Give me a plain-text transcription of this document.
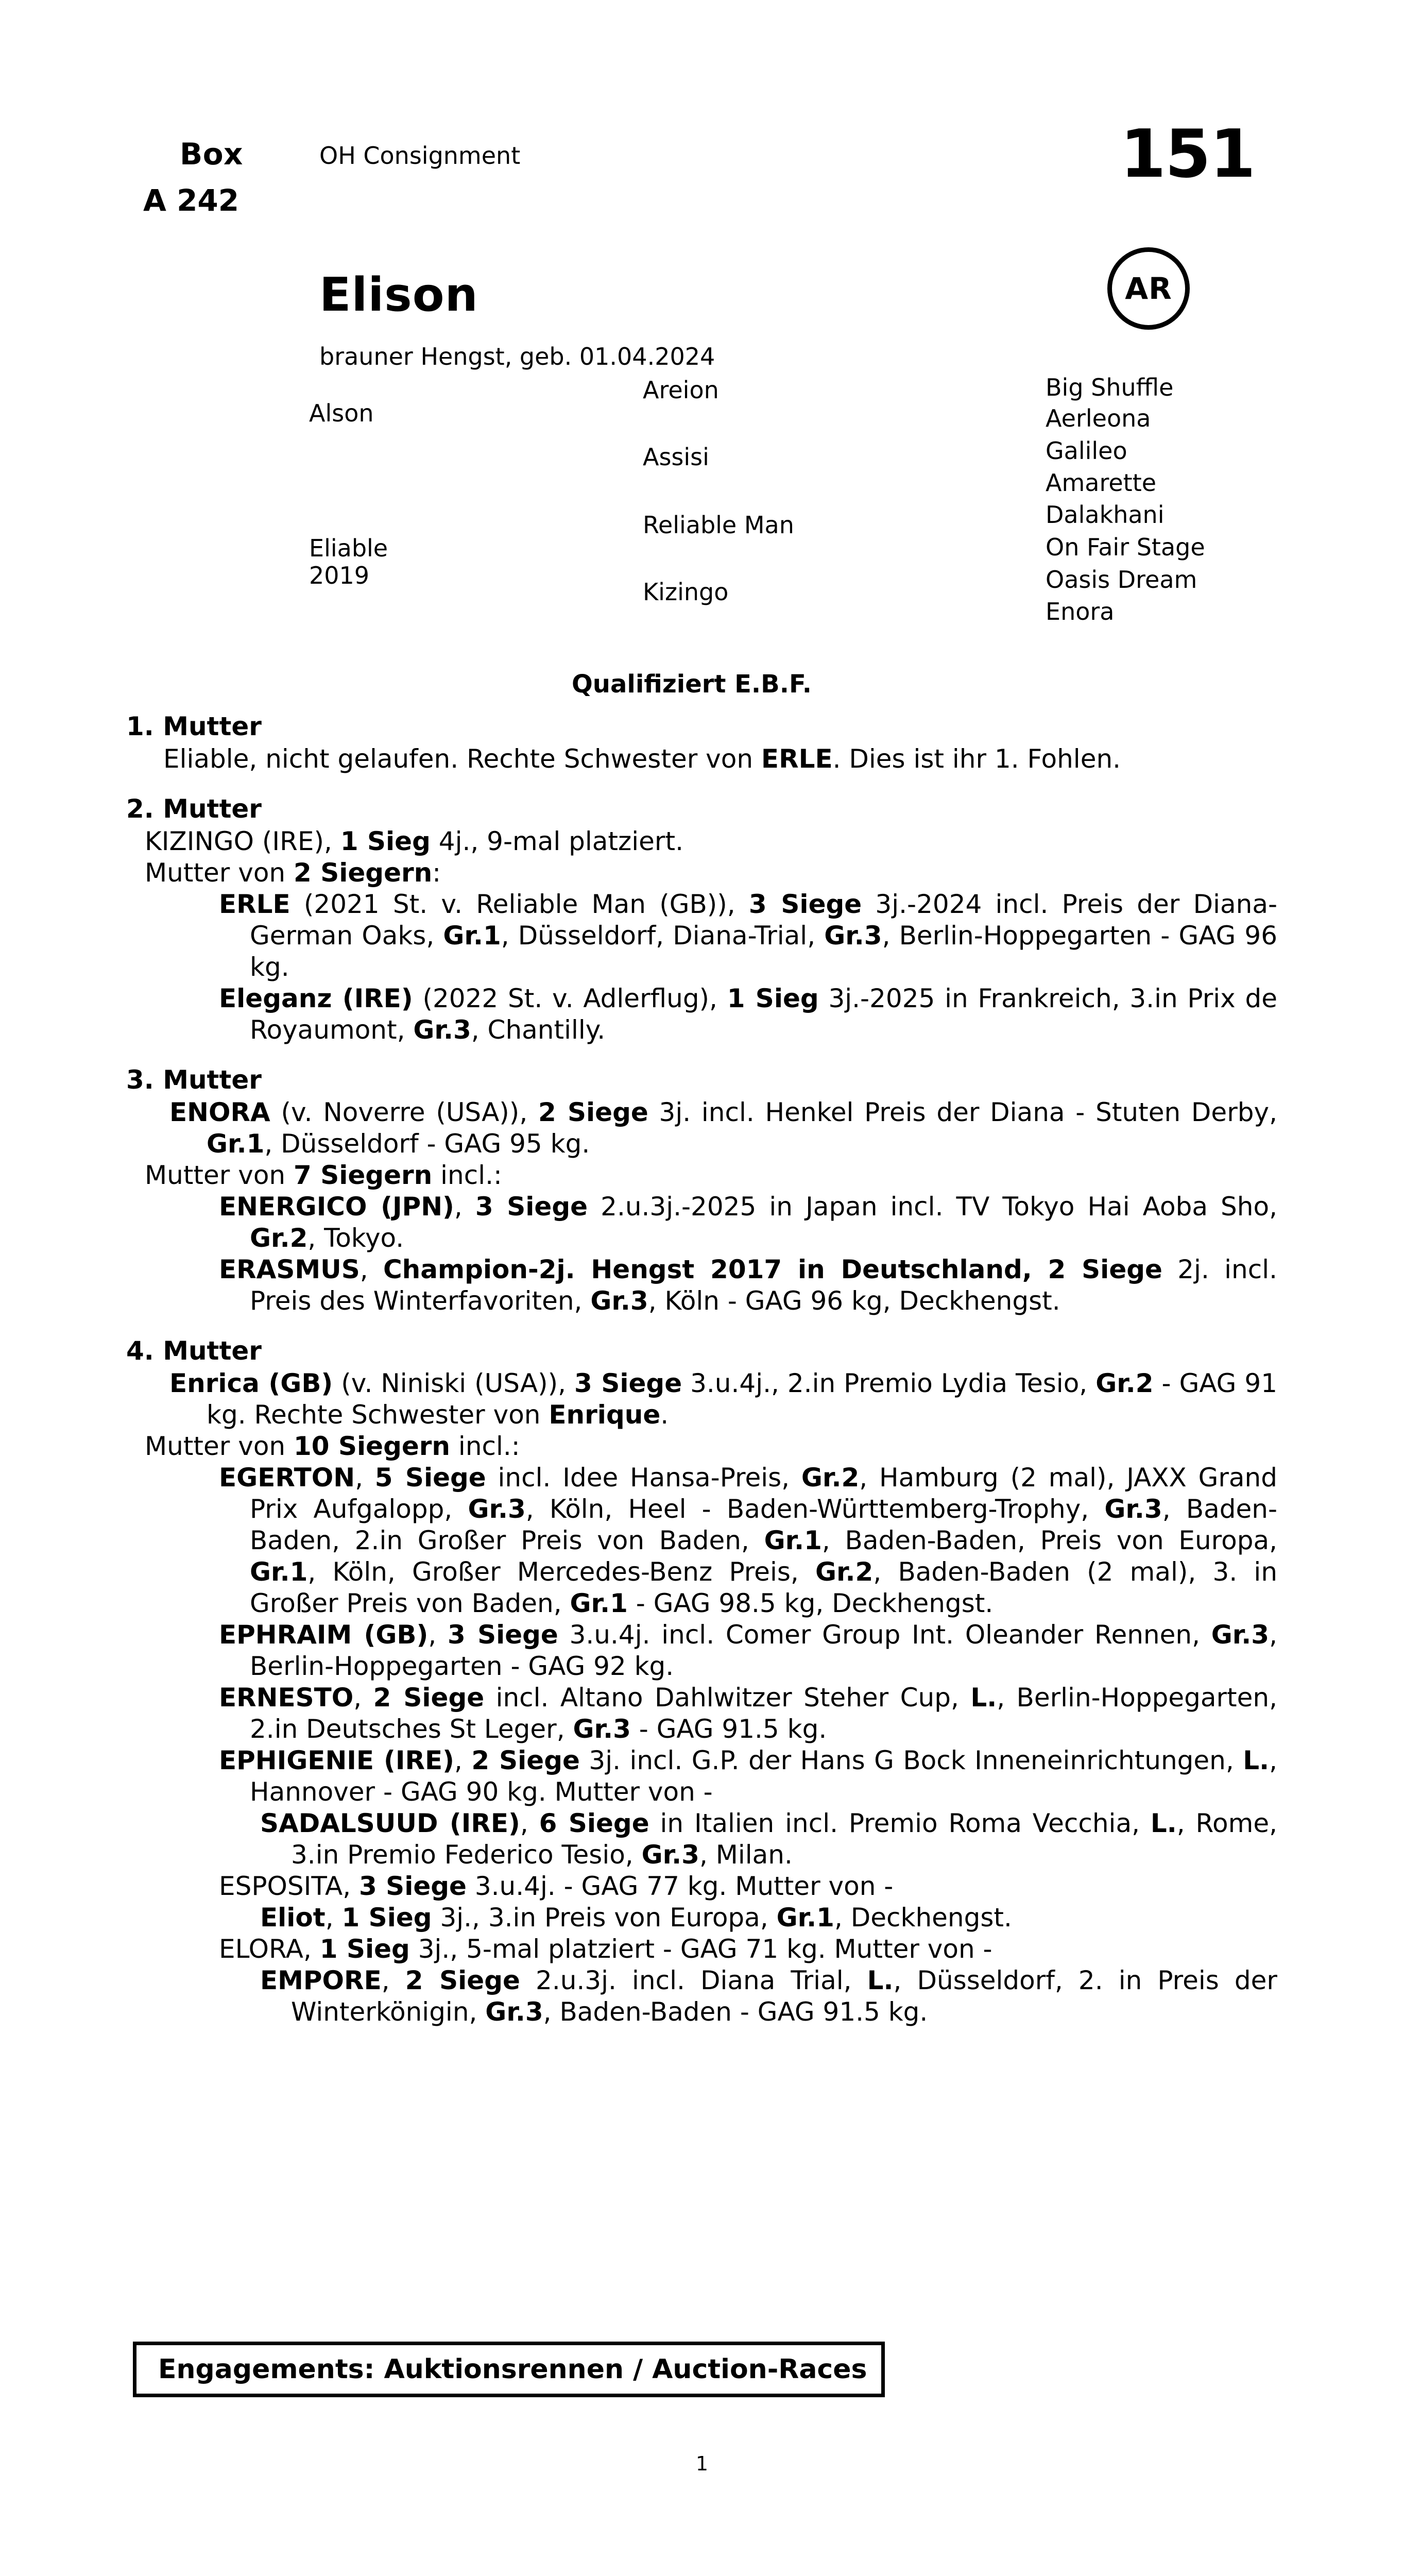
Box
A 242
OH Consignment	151
Elison
brauner Hengst, geb. 01.04.2024
AR
Alson
Areion
Assisi
Eliable
2019
Reliable Man
Kizingo
Big Shuffle
Aerleona
Galileo
Amarette
Dalakhani
On Fair Stage
Oasis Dream
Enora
Qualifiziert E.B.F.
1. Mutter
Eliable, nicht gelaufen. Rechte Schwester von ERLE. Dies ist ihr 1. Fohlen.
2. Mutter
KIZINGO (IRE), 1 Sieg 4j., 9-mal platziert.
Mutter von 2 Siegern:
ERLE (2021 St. v. Reliable Man (GB)), 3 Siege 3j.-2024 incl. Preis der Diana-German Oaks, Gr.1, Düsseldorf, Diana-Trial, Gr.3, Berlin-Hoppegarten - GAG 96 kg.
Eleganz (IRE) (2022 St. v. Adlerflug), 1 Sieg 3j.-2025 in Frankreich, 3.in Prix de Royaumont, Gr.3, Chantilly.
3. Mutter
ENORA (v. Noverre (USA)), 2 Siege 3j. incl. Henkel Preis der Diana - Stuten Derby, Gr.1, Düsseldorf - GAG 95 kg.
Mutter von 7 Siegern incl.:
ENERGICO (JPN), 3 Siege 2.u.3j.-2025 in Japan incl. TV Tokyo Hai Aoba Sho, Gr.2, Tokyo.
ERASMUS, Champion-2j. Hengst 2017 in Deutschland, 2 Siege 2j. incl. Preis des Winterfavoriten, Gr.3, Köln - GAG 96 kg, Deckhengst.
4. Mutter
Enrica (GB) (v. Niniski (USA)), 3 Siege 3.u.4j., 2.in Premio Lydia Tesio, Gr.2 - GAG 91 kg. Rechte Schwester von Enrique.
Mutter von 10 Siegern incl.:
EGERTON, 5 Siege incl. Idee Hansa-Preis, Gr.2, Hamburg (2 mal), JAXX Grand Prix Aufgalopp, Gr.3, Köln, Heel - Baden-Württemberg-Trophy, Gr.3, Baden-Baden, 2.in Großer Preis von Baden, Gr.1, Baden-Baden, Preis von Europa, Gr.1, Köln, Großer Mercedes-Benz Preis, Gr.2, Baden-Baden (2 mal), 3. in Großer Preis von Baden, Gr.1 - GAG 98.5 kg, Deckhengst.
EPHRAIM (GB), 3 Siege 3.u.4j. incl. Comer Group Int. Oleander Rennen, Gr.3, Berlin-Hoppegarten - GAG 92 kg.
ERNESTO, 2 Siege incl. Altano Dahlwitzer Steher Cup, L., Berlin-Hoppegarten, 2.in Deutsches St Leger, Gr.3 - GAG 91.5 kg.
EPHIGENIE (IRE), 2 Siege 3j. incl. G.P. der Hans G Bock Inneneinrichtungen, L., Hannover - GAG 90 kg. Mutter von -
SADALSUUD (IRE), 6 Siege in Italien incl. Premio Roma Vecchia, L., Rome, 3.in Premio Federico Tesio, Gr.3, Milan.
ESPOSITA, 3 Siege 3.u.4j. - GAG 77 kg. Mutter von -
Eliot, 1 Sieg 3j., 3.in Preis von Europa, Gr.1, Deckhengst.
ELORA, 1 Sieg 3j., 5-mal platziert - GAG 71 kg. Mutter von -
EMPORE, 2 Siege 2.u.3j. incl. Diana Trial, L., Düsseldorf, 2. in Preis der Winterkönigin, Gr.3, Baden-Baden - GAG 91.5 kg.
Engagements: Auktionsrennen / Auction-Races
1
